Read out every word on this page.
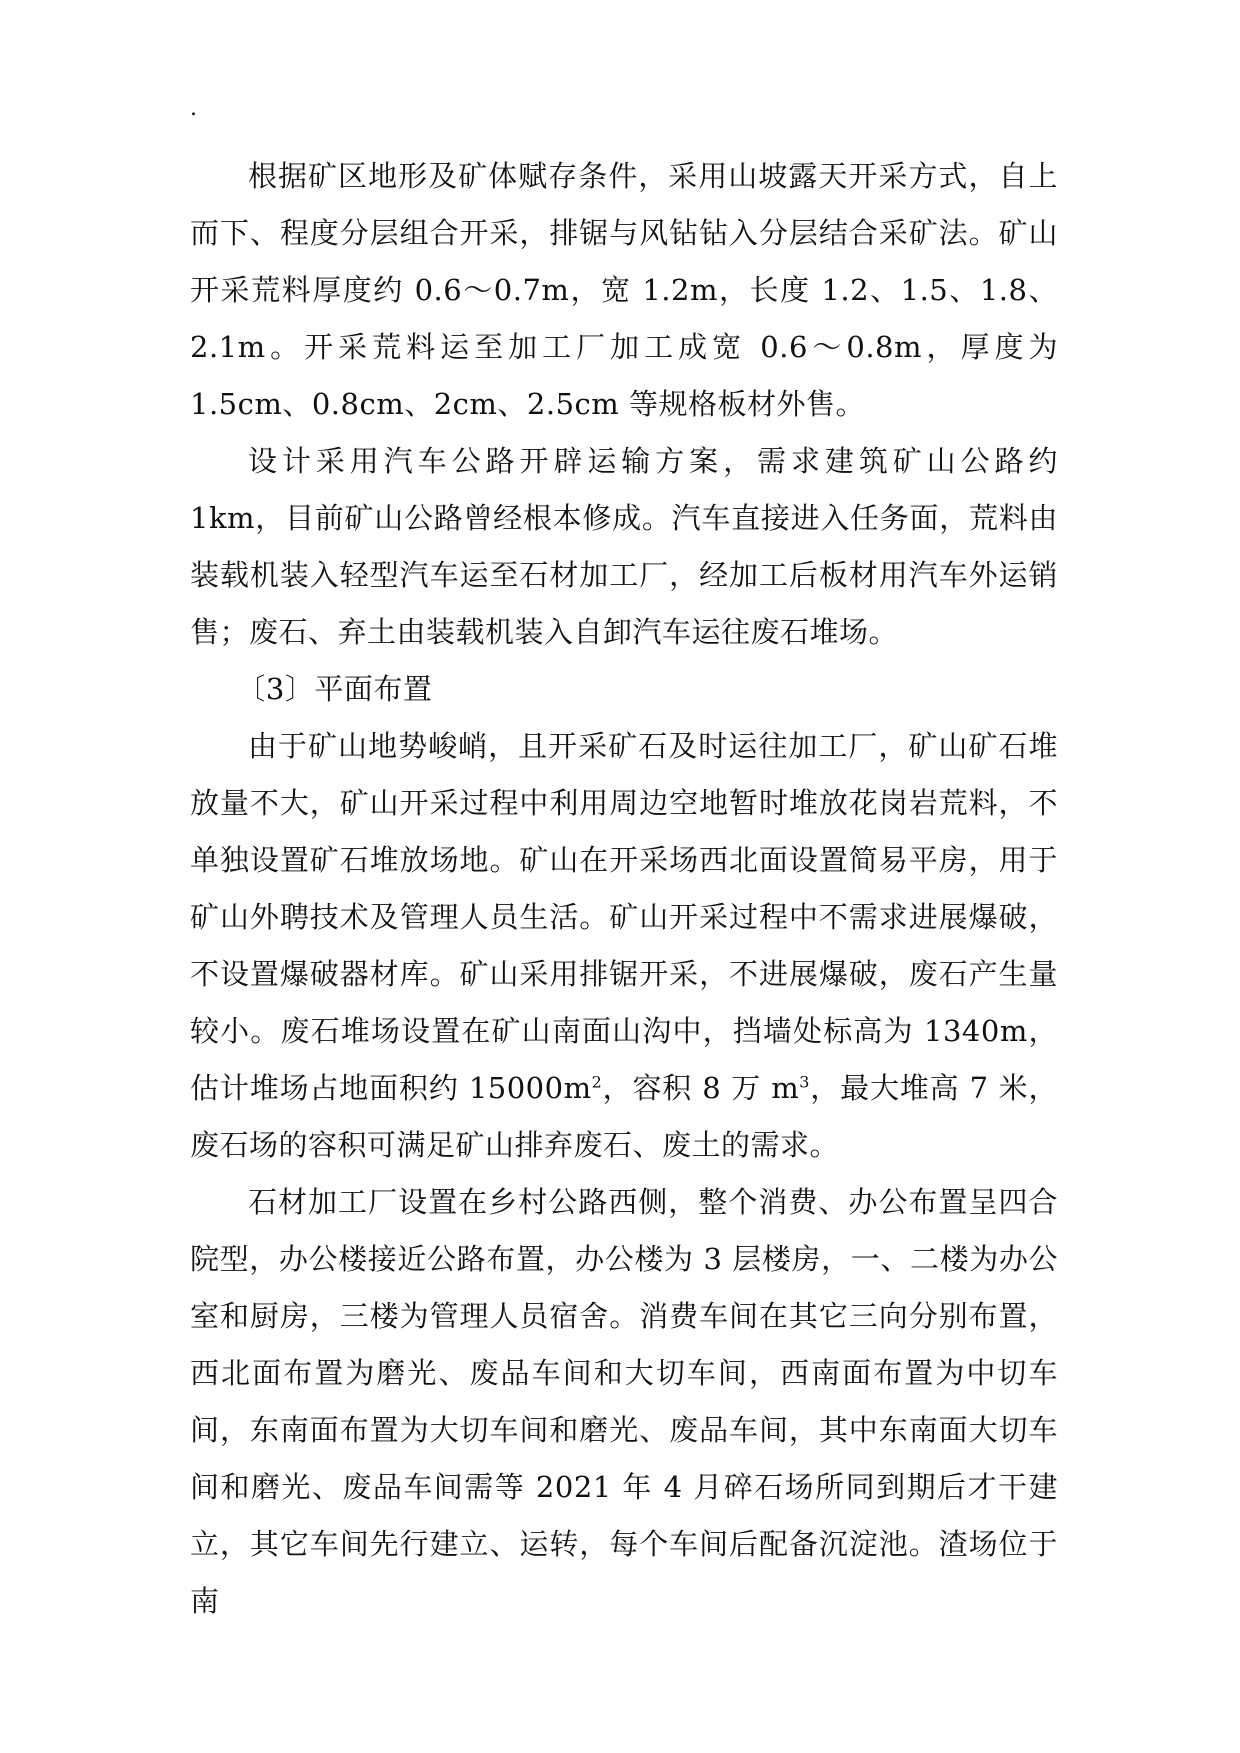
.

根据矿区地形及矿体赋存条件，采用山坡露天开采方式，自上而下、程度分层组合开采，排锯与风钻钻入分层结合采矿法。矿山开采荒料厚度约 0.6～0.7m，宽 1.2m，长度 1.2、1.5、1.8、2.1m。开采荒料运至加工厂加工成宽 0.6～0.8m，厚度为 1.5cm、0.8cm、2cm、2.5cm 等规格板材外售。

设计采用汽车公路开辟运输方案，需求建筑矿山公路约 1km，目前矿山公路曾经根本修成。汽车直接进入任务面，荒料由装载机装入轻型汽车运至石材加工厂，经加工后板材用汽车外运销售；废石、弃土由装载机装入自卸汽车运往废石堆场。

〔3〕平面布置

由于矿山地势峻峭，且开采矿石及时运往加工厂，矿山矿石堆放量不大，矿山开采过程中利用周边空地暂时堆放花岗岩荒料，不单独设置矿石堆放场地。矿山在开采场西北面设置简易平房，用于矿山外聘技术及管理人员生活。矿山开采过程中不需求进展爆破，不设置爆破器材库。矿山采用排锯开采，不进展爆破，废石产生量较小。废石堆场设置在矿山南面山沟中，挡墙处标高为 1340m，估计堆场占地面积约 $15000m^2$，容积 8 万 $m^3$，最大堆高 7 米，废石场的容积可满足矿山排弃废石、废土的需求。

石材加工厂设置在乡村公路西侧，整个消费、办公布置呈四合院型，办公楼接近公路布置，办公楼为 3 层楼房，一、二楼为办公室和厨房，三楼为管理人员宿舍。消费车间在其它三向分别布置，西北面布置为磨光、废品车间和大切车间，西南面布置为中切车间，东南面布置为大切车间和磨光、废品车间，其中东南面大切车间和磨光、废品车间需等 2021 年 4 月碎石场所同到期后才干建立，其它车间先行建立、运转，每个车间后配备沉淀池。渣场位于南
